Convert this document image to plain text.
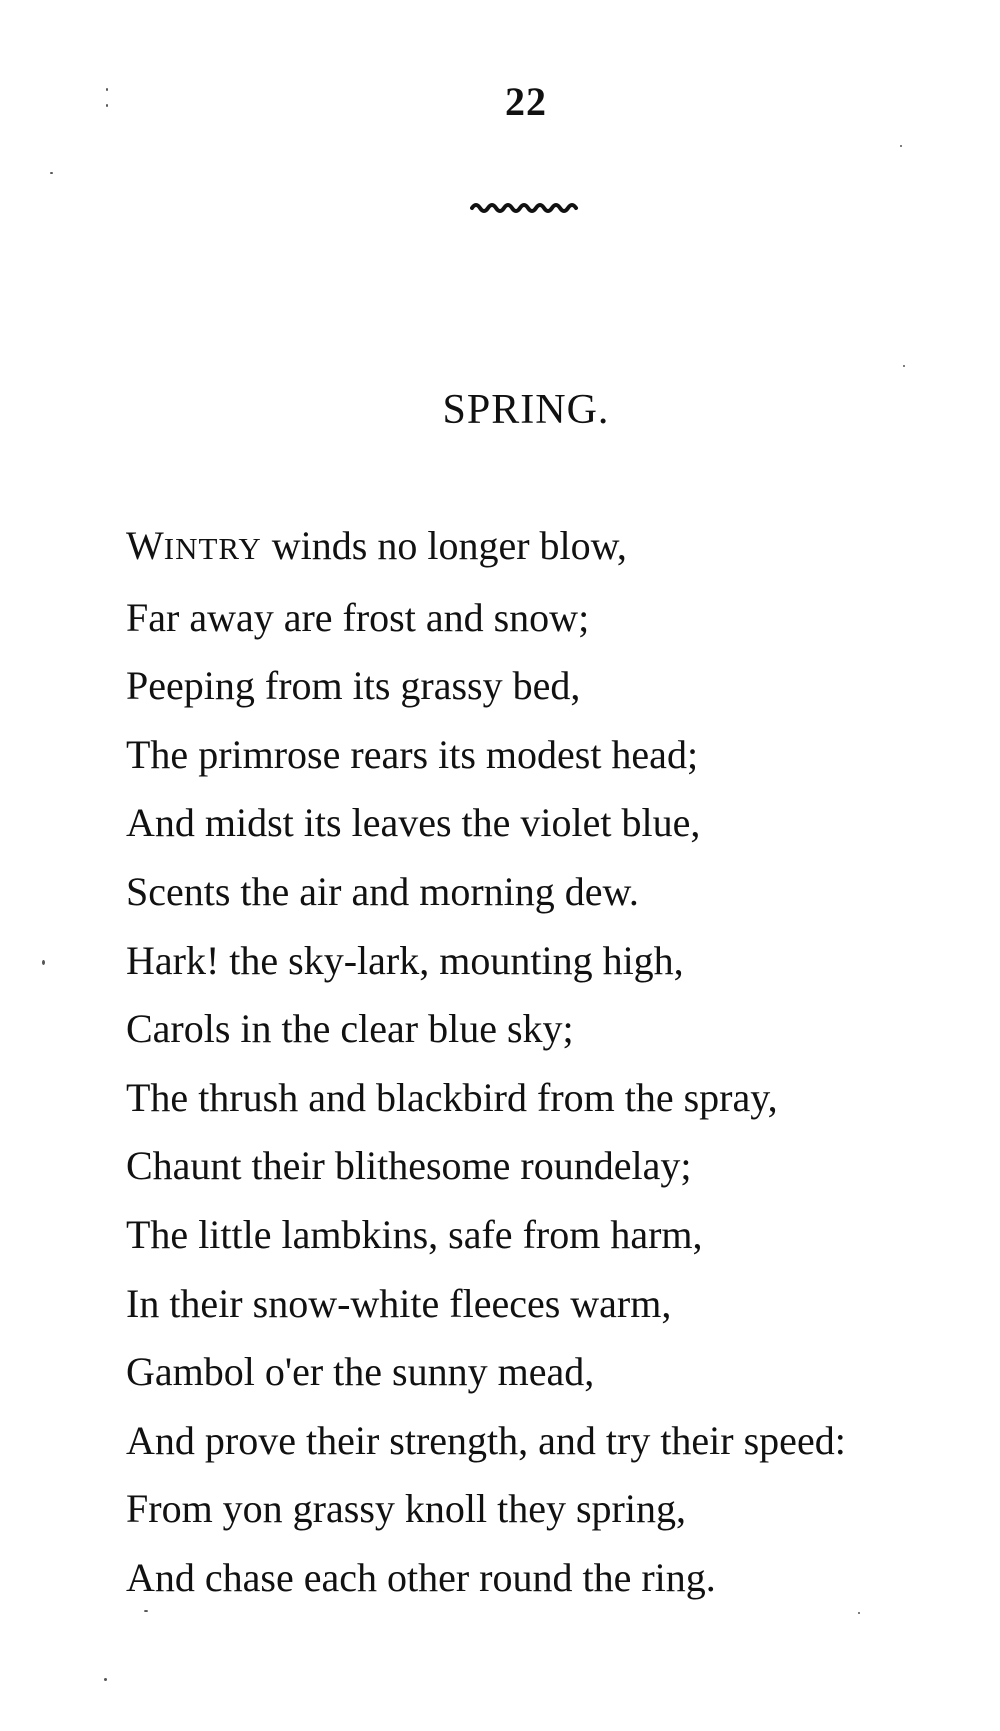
22
SPRING.
WINTRY winds no longer blow,
Far away are frost and snow;
Peeping from its grassy bed,
The primrose rears its modest head;
And midst its leaves the violet blue,
Scents the air and morning dew.
Hark! the sky-lark, mounting high,
Carols in the clear blue sky;
The thrush and blackbird from the spray,
Chaunt their blithesome roundelay;
The little lambkins, safe from harm,
In their snow-white fleeces warm,
Gambol o'er the sunny mead,
And prove their strength, and try their speed:
From yon grassy knoll they spring,
And chase each other round the ring.
